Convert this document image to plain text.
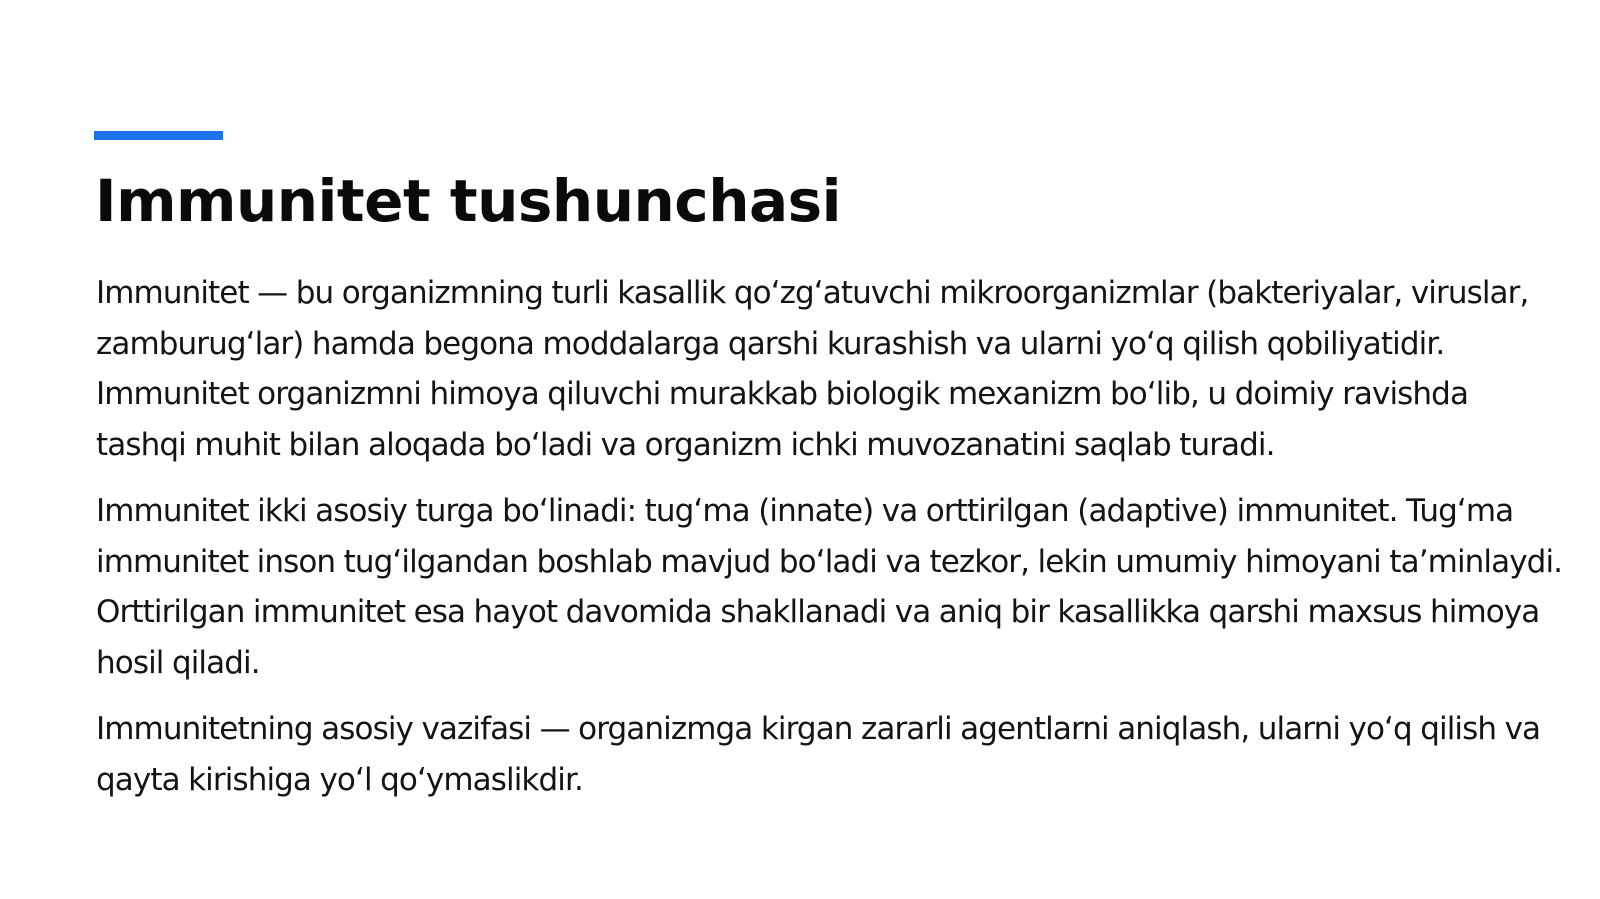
Immunitet tushunchasi

Immunitet — bu organizmning turli kasallik qo‘zg‘atuvchi mikroorganizmlar (bakteriyalar, viruslar, zamburug‘lar) hamda begona moddalarga qarshi kurashish va ularni yo‘q qilish qobiliyatidir. Immunitet organizmni himoya qiluvchi murakkab biologik mexanizm bo‘lib, u doimiy ravishda tashqi muhit bilan aloqada bo‘ladi va organizm ichki muvozanatini saqlab turadi.

Immunitet ikki asosiy turga bo‘linadi: tug‘ma (innate) va orttirilgan (adaptive) immunitet. Tug‘ma immunitet inson tug‘ilgandan boshlab mavjud bo‘ladi va tezkor, lekin umumiy himoyani ta’minlaydi. Orttirilgan immunitet esa hayot davomida shakllanadi va aniq bir kasallikka qarshi maxsus himoya hosil qiladi.

Immunitetning asosiy vazifasi — organizmga kirgan zararli agentlarni aniqlash, ularni yo‘q qilish va qayta kirishiga yo‘l qo‘ymaslikdir.
